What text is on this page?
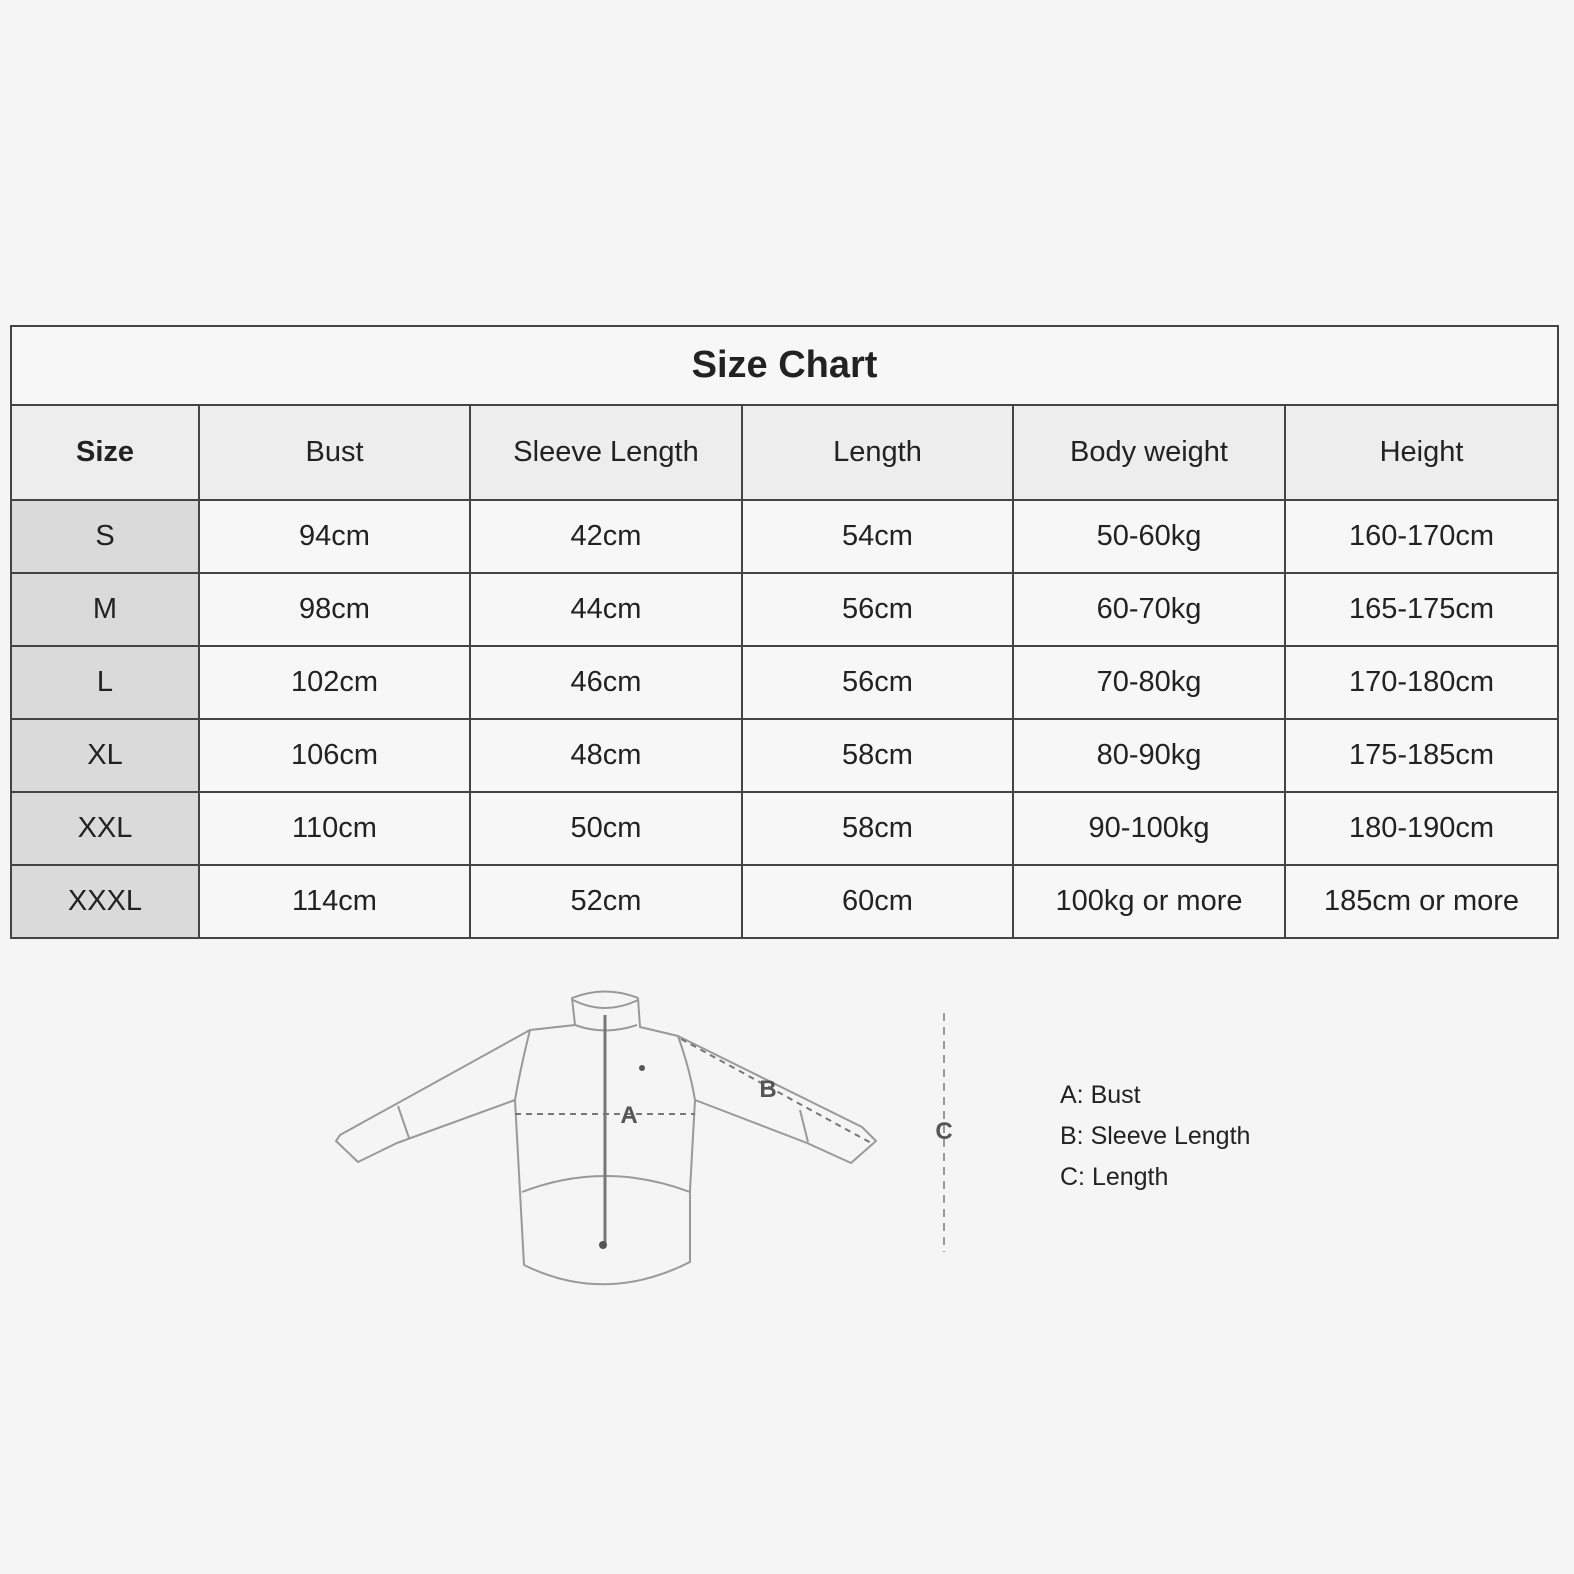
Size Chart					
Size	Bust	Sleeve Length	Length	Body weight	Height
S	94cm	42cm	54cm	50-60kg	160-170cm
M	98cm	44cm	56cm	60-70kg	165-175cm
L	102cm	46cm	56cm	70-80kg	170-180cm
XL	106cm	48cm	58cm	80-90kg	175-185cm
XXL	110cm	50cm	58cm	90-100kg	180-190cm
XXXL	114cm	52cm	60cm	100kg or more	185cm or more
A
B
C
A: Bust
B: Sleeve Length
C: Length
